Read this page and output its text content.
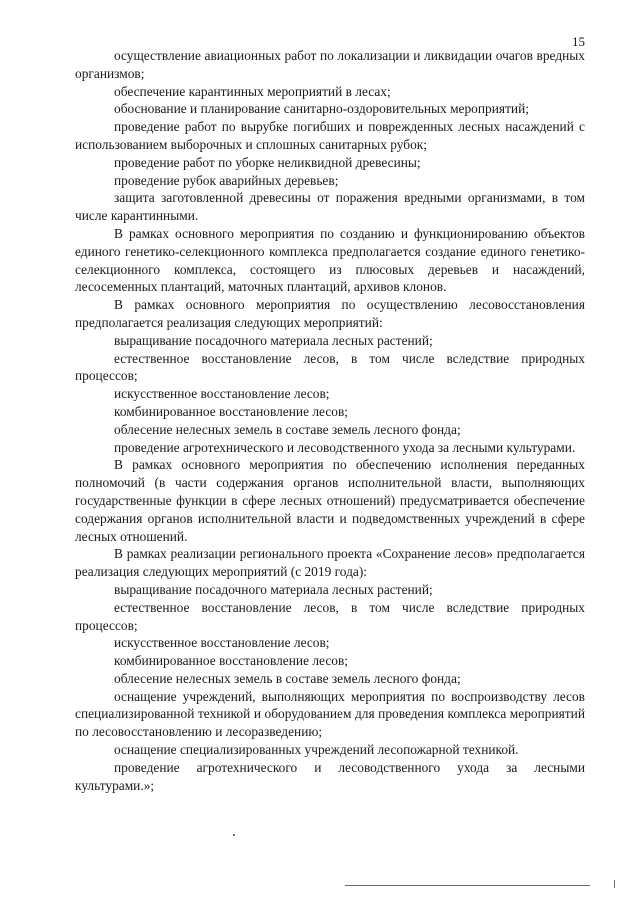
15

осуществление авиационных работ по локализации и ликвидации очагов вредных организмов;

обеспечение карантинных мероприятий в лесах;

обоснование и планирование санитарно-оздоровительных мероприятий;

проведение работ по вырубке погибших и поврежденных лесных насаждений с использованием выборочных и сплошных санитарных рубок;

проведение работ по уборке неликвидной древесины;

проведение рубок аварийных деревьев;

защита заготовленной древесины от поражения вредными организмами, в том числе карантинными.

В рамках основного мероприятия по созданию и функционированию объектов единого генетико-селекционного комплекса предполагается создание единого генетико-селекционного комплекса, состоящего из плюсовых деревьев и насаждений, лесосеменных плантаций, маточных плантаций, архивов клонов.

В рамках основного мероприятия по осуществлению лесовосстановления предполагается реализация следующих мероприятий:

выращивание посадочного материала лесных растений;

естественное восстановление лесов, в том числе вследствие природных процессов;

искусственное восстановление лесов;

комбинированное восстановление лесов;

облесение нелесных земель в составе земель лесного фонда;

проведение агротехнического и лесоводственного ухода за лесными культурами.

В рамках основного мероприятия по обеспечению исполнения переданных полномочий (в части содержания органов исполнительной власти, выполняющих государственные функции в сфере лесных отношений) предусматривается обеспечение содержания органов исполнительной власти и подведомственных учреждений в сфере лесных отношений.

В рамках реализации регионального проекта «Сохранение лесов» предполагается реализация следующих мероприятий (с 2019 года):

выращивание посадочного материала лесных растений;

естественное восстановление лесов, в том числе вследствие природных процессов;

искусственное восстановление лесов;

комбинированное восстановление лесов;

облесение нелесных земель в составе земель лесного фонда;

оснащение учреждений, выполняющих мероприятия по воспроизводству лесов специализированной техникой и оборудованием для проведения комплекса мероприятий по лесовосстановлению и лесоразведению;

оснащение специализированных учреждений лесопожарной техникой.

проведение агротехнического и лесоводственного ухода за лесными культурами.»;
